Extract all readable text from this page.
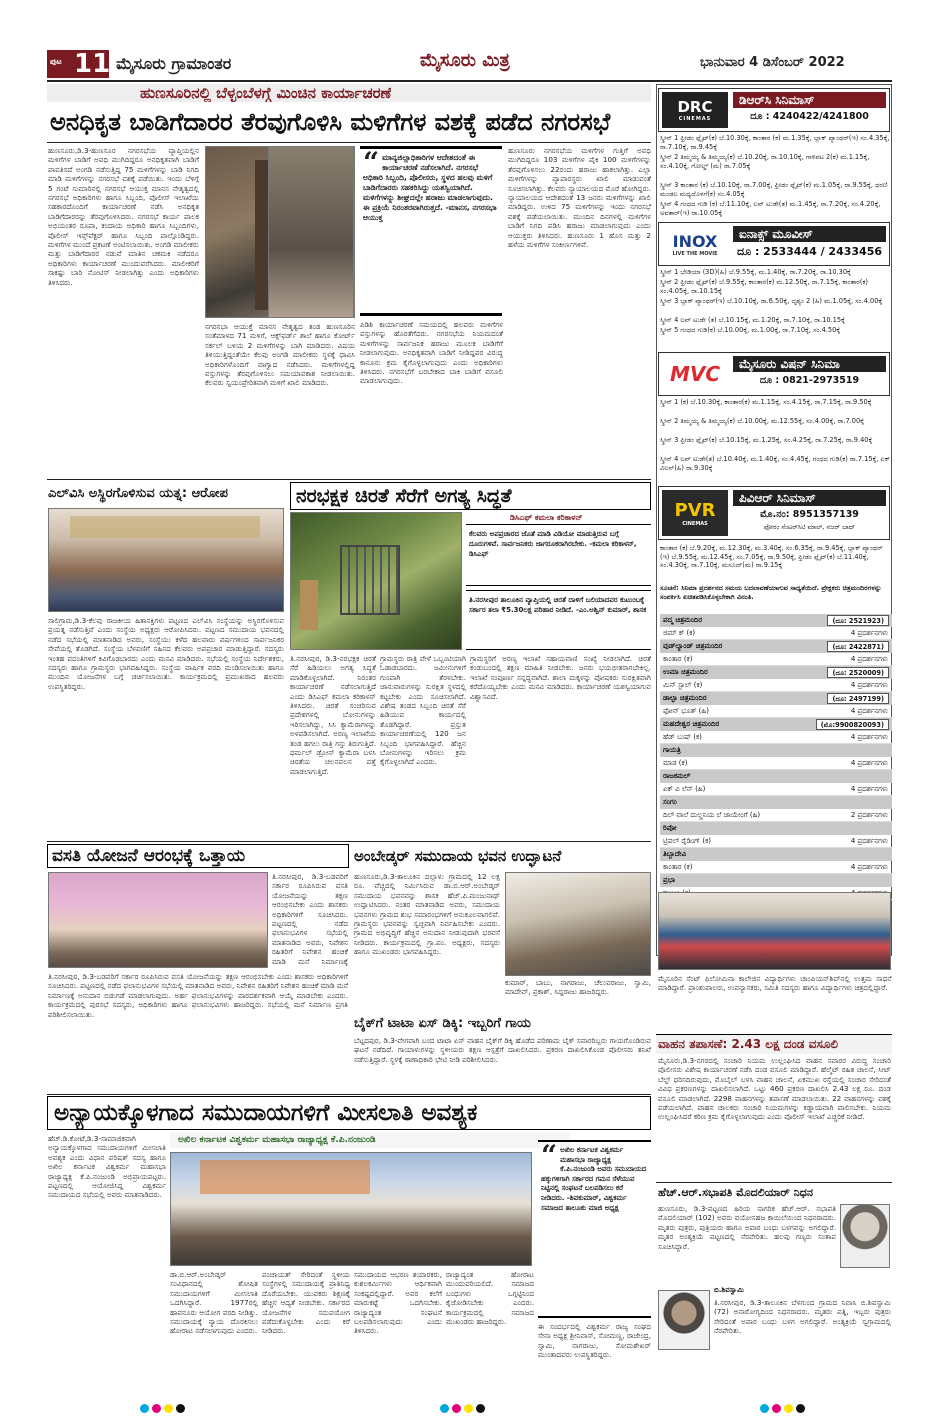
ಪುಟ 11 ಮೈಸೂರು ಗ್ರಾಮಾಂತರ	ಮೈಸೂರು ಮಿತ್ರ	ಭಾನುವಾರ 4 ಡಿಸೆಂಬರ್ 2022
ಹುಣಸೂರಿನಲ್ಲಿ ಬೆಳ್ಳಂಬೆಳಗ್ಗೆ ಮಿಂಚಿನ ಕಾರ್ಯಾಚರಣೆ
ಅನಧಿಕೃತ ಬಾಡಿಗೆದಾರರ ತೆರವುಗೊಳಿಸಿ ಮಳಿಗೆಗಳ ವಶಕ್ಕೆ ಪಡೆದ ನಗರಸಭೆ
ಹುಣಸೂರು,ಡಿ.3-ಹುಣಸೂರ ನಗರಸಭೆಯ ವ್ಯಾಪ್ತಿಯಲ್ಲಿನ ಮಳಿಗೆಗಳ ಬಾಡಿಗೆ ಅವಧಿ ಮುಗಿದಿದ್ದರೂ ಅನಧಿಕೃತವಾಗಿ ಬಾಡಿಗೆ ಪಾವತಿಸದೆ ಅಂಗಡಿ ನಡೆಸುತ್ತಿದ್ದ 75 ಮಳಿಗೆಗಳನ್ನು ಬಾಡಿ ನಿಗದಿ ಮಾಡಿ ಮಳಿಗೆಗಳನ್ನು ನಗರಸಭೆ ವಶಕ್ಕೆ ಪಡೆಯಿತು. ಇಂದು ಬೆಳಿಗ್ಗೆ 5 ಗಂಟೆ ಸುಮಾರಿನಲ್ಲಿ ನಗರಸಭೆ ಆಯುಕ್ತ ಮಾನಸ ನೇತೃತ್ವದಲ್ಲಿ ನಗರಸಭೆ ಅಧಿಕಾರಿಗಳು ಹಾಗೂ ಸಿಬ್ಬಂದಿ, ಪೊಲೀಸ್ ಇಲಾಖೆಯ ಸಹಕಾರದೊಂದಿಗೆ ಕಾರ್ಯಾಚರಣೆ ನಡೆಸಿ ಅನಧಿಕೃತ ಬಾಡಿಗೆದಾರರನ್ನು ತೆರವುಗೊಳಿಸಿದರು. ನಗರಸಭೆ ಕಾರ್ಯ ಪಾಲಕ ಅಭಿಯಂತರ ರೂಪಾ, ಕಂದಾಯ ಅಧಿಕಾರಿ ಹಾಗೂ ಸಿಬ್ಬಂದಿಗಳು, ಪೊಲೀಸ್ ಇನ್ಸ್‌ಪೆಕ್ಟರ್ ಹಾಗೂ ಸಿಬ್ಬಂದಿ ಪಾಲ್ಗೊಂಡಿದ್ದರು. ಮಳಿಗೆಗಳ ಮುಂದೆ ಪ್ರಕಟಣೆ ಅಂಟಿಸಲಾಯಿತು. ಅಂಗಡಿ ಮಾಲೀಕರು ಮತ್ತು ಬಾಡಿಗೆದಾರರ ನಡುವೆ ಮಾತಿನ ಚಕಮಕಿ ನಡೆದರೂ ಅಧಿಕಾರಿಗಳು ಕಾರ್ಯಾಚರಣೆ ಮುಂದುವರೆಸಿದರು. ಮಾಲೀಕರಿಗೆ ಸಾಕಷ್ಟು ಬಾರಿ ನೋಟಿಸ್ ನೀಡಲಾಗಿತ್ತು ಎಂದು ಅಧಿಕಾರಿಗಳು ತಿಳಿಸಿದರು.
ನಗರಸಭಾ ಆಯುಕ್ತೆ ಮಾನಸ ನೇತೃತ್ವದ ತಂಡ ಹುಣಸೂರಿನ ಸಂತೆಮಾಳದ 71 ಮಳಿಗೆ, ಆಕ್ಸ್‌ಫರ್ಡ್ ಶಾಲೆ ಹಾಗೂ ಕೋರ್ಟ್ ಸರ್ಕಲ್ ಬಳಿಯ 2 ಮಳಿಗೆಗಳನ್ನು ಬಾಗಿ ಮಾಡಿದರು. ವಿಷಯ ತಿಳಿಯುತ್ತಿದ್ದಂತೆಯೇ ಕೆಲವು ಅಂಗಡಿ ಮಾಲೀಕರು ಸ್ಥಳಕ್ಕೆ ಧಾವಿಸಿ ಅಧಿಕಾರಿಗಳೊಂದಿಗೆ ವಾಗ್ವಾದ ನಡೆಸಿದರು. ಮಳಿಗೆಗಳಲ್ಲಿದ್ದ ವಸ್ತುಗಳನ್ನು ತೆರವುಗೊಳಿಸಲು ಸಮಯಾವಕಾಶ ನೀಡಲಾಯಿತು. ಕೆಲವರು ಸ್ವಯಂಪ್ರೇರಿತವಾಗಿ ಮಳಿಗೆ ಖಾಲಿ ಮಾಡಿದರು.
“ ಮಾನ್ಯಜಿಲ್ಲಾಧಿಕಾರಿಗಳ ಆದೇಶದಂತೆ ಈ ಕಾರ್ಯಾಚರಣೆ ನಡೆಸಲಾಗಿದೆ. ನಗರಸಭೆ ಅಧಿಕಾರಿ ಸಿಬ್ಬಂದಿ, ಪೊಲೀಸರು, ಸ್ಥಳದ ಹಲವು ಮಳಿಗೆ ಬಾಡಿಗೆದಾರರು ಸಹಕರಿಸಿದ್ದು ಯಶಸ್ವಿಯಾಗಿದೆ. ಮಳಿಗೆಗಳನ್ನು ಶೀಘ್ರದಲ್ಲೇ ಹರಾಜು ಮಾಡಲಾಗುವುದು. ಈ ಪ್ರಕ್ರಿಯೆ ನಿರಂತರವಾಗಿರುತ್ತದೆ. -ಮಾನಸ, ನಗರಸಭಾ ಆಯುಕ್ತ
ಪಿಡಿಶಿ ಕಾರ್ಯಾಚರಣೆ ಸಮಯದಲ್ಲಿ ಹಲವರು ಮಳಿಗೆಗಳ ವಸ್ತುಗಳನ್ನು ಹೊರತೆಗೆದರು. ನಗರಸಭೆಯ ನಿಯಮದಂತೆ ಮಳಿಗೆಗಳನ್ನು ಸಾರ್ವಜನಿಕ ಹರಾಜು ಮೂಲಕ ಬಾಡಿಗೆಗೆ ನೀಡಲಾಗುವುದು. ಅನಧಿಕೃತವಾಗಿ ಬಾಡಿಗೆ ನೀಡಿದ್ದವರ ವಿರುದ್ಧ ಕಾನೂನು ಕ್ರಮ ಕೈಗೊಳ್ಳಲಾಗುವುದು ಎಂದು ಅಧಿಕಾರಿಗಳು ತಿಳಿಸಿದರು. ನಗರಸಭೆಗೆ ಬರಬೇಕಾದ ಬಾಕಿ ಬಾಡಿಗೆ ವಸೂಲಿ ಮಾಡಲಾಗುವುದು.
ಹುಣಸೂರು ನಗರಸಭೆಯ ಮಳಿಗೆಗಳ ಗುತ್ತಿಗೆ ಅವಧಿ ಮುಗಿದಿದ್ದರೂ 103 ಮಳಿಗೆಗಳ ಪೈಕಿ 100 ಮಳಿಗೆಗಳನ್ನು ತೆರವುಗೊಳಿಸಲು 22ರಂದು ಹರಾಜು ಹಾಕಲಾಗಿತ್ತು. ಎಲ್ಲಾ ಮಳಿಗೆಗಳನ್ನು ವ್ಯಾಪಾರಸ್ಥರು ಖಾಲಿ ಮಾಡುವಂತೆ ಸೂಚಿಸಲಾಗಿತ್ತು. ಕೆಲವರು ನ್ಯಾಯಾಲಯದ ಮೊರೆ ಹೋಗಿದ್ದರು. ನ್ಯಾಯಾಲಯದ ಆದೇಶದಂತೆ 13 ಜನರು ಮಳಿಗೆಗಳನ್ನು ಖಾಲಿ ಮಾಡಿದ್ದರು. ಉಳಿದ 75 ಮಳಿಗೆಗಳನ್ನು ಇಂದು ನಗರಸಭೆ ವಶಕ್ಕೆ ಪಡೆಯಲಾಯಿತು. ಮುಂದಿನ ದಿನಗಳಲ್ಲಿ ಮಳಿಗೆಗಳ ಬಾಡಿಗೆ ನಿಗದಿ ಪಡಿಸಿ ಹರಾಜು ಮಾಡಲಾಗುವುದು ಎಂದು ಆಯುಕ್ತರು ತಿಳಿಸಿದರು. ಹುಣಸೂರು 1 ಹೊಸ ಮತ್ತು 2 ಹಳೆಯ ಮಳಿಗೆಗಳ ಸಂಕೀರ್ಣಗಳಿವೆ.
ಎಲ್‌ವಿಸಿ ಅಸ್ಥಿರಗೊಳಿಸುವ ಯತ್ನ: ಆರೋಪ
ಸಾಲಿಗ್ರಾಮ,ಡಿ.3-ಕೆಲವು ರಾಜಕೀಯ ಹಿತಾಸಕ್ತಿಗಳು ಪಟ್ಟಣದ ಎಲ್‌ವಿಸಿ ಸಂಸ್ಥೆಯನ್ನು ಅಸ್ಥಿರಗೊಳಿಸುವ ಪ್ರಯತ್ನ ನಡೆಸುತ್ತಿವೆ ಎಂದು ಸಂಸ್ಥೆಯ ಅಧ್ಯಕ್ಷರು ಆರೋಪಿಸಿದರು. ಪಟ್ಟಣದ ಸಮುದಾಯ ಭವನದಲ್ಲಿ ನಡೆದ ಸಭೆಯಲ್ಲಿ ಮಾತನಾಡಿದ ಅವರು, ಸಂಸ್ಥೆಯು ಕಳೆದ ಹಲವಾರು ವರ್ಷಗಳಿಂದ ಸಾರ್ವಜನಿಕರ ಸೇವೆಯಲ್ಲಿ ತೊಡಗಿದೆ. ಸಂಸ್ಥೆಯ ಬೆಳವಣಿಗೆ ಸಹಿಸದ ಕೆಲವರು ಅಪಪ್ರಚಾರ ಮಾಡುತ್ತಿದ್ದಾರೆ. ಸದಸ್ಯರು ಇಂತಹ ವದಂತಿಗಳಿಗೆ ಕಿವಿಗೊಡಬಾರದು ಎಂದು ಮನವಿ ಮಾಡಿದರು. ಸಭೆಯಲ್ಲಿ ಸಂಸ್ಥೆಯ ನಿರ್ದೇಶಕರು, ಸದಸ್ಯರು ಹಾಗೂ ಗ್ರಾಮಸ್ಥರು ಭಾಗವಹಿಸಿದ್ದರು. ಸಂಸ್ಥೆಯ ವಾರ್ಷಿಕ ವರದಿ ಮಂಡಿಸಲಾಯಿತು ಹಾಗೂ ಮುಂದಿನ ಯೋಜನೆಗಳ ಬಗ್ಗೆ ಚರ್ಚಿಸಲಾಯಿತು. ಕಾರ್ಯಕ್ರಮದಲ್ಲಿ ಪ್ರಮುಖರಾದ ಹಲವರು ಉಪಸ್ಥಿತರಿದ್ದರು.
ನರಭಕ್ಷಕ ಚಿರತೆ ಸೆರೆಗೆ ಅಗತ್ಯ ಸಿದ್ಧತೆ
ಡಿಸಿಎಫ್ ಕಮಲಾ ಕರಿಕಾಳನ್
ಕೆಲವರು ಅಪಪ್ರಚಾರದ ಜೊತೆ ಮಾಡಿ ವಿಡಿಯೋ ಮಾಡುತ್ತಿರುವ ಬಗ್ಗೆ ದೂರುಗಳಿವೆ. ಸಾರ್ವಜನಿಕರು ಜಾಗರೂಕರಾಗಿರಬೇಕು. -ಕಮಲಾ ಕರಿಕಾಳನ್, ಡಿಸಿಎಫ್
ತಿ.ನರಸೀಪುರ ತಾಲೂಕಿನ ವ್ಯಾಪ್ತಿಯಲ್ಲಿ ಚಿರತೆ ದಾಳಿಗೆ ಬಲಿಯಾದವರ ಕುಟುಂಬಕ್ಕೆ ಸರ್ಕಾರ ತಲಾ ₹5.30ಲಕ್ಷ ಪರಿಹಾರ ನೀಡಿದೆ. -ಎಂ.ಅಶ್ವಿನ್ ಕುಮಾರ್, ಶಾಸಕ
ತಿ.ನರಸೀಪುರ, ಡಿ.3-ನರಭಕ್ಷಕ ಚಿರತೆ ಸೆರೆ ಹಿಡಿಯಲು ಅಗತ್ಯ ಸಿದ್ಧತೆ ಮಾಡಿಕೊಳ್ಳಲಾಗಿದೆ. ನಿರಂತರ ಕಾರ್ಯಾಚರಣೆ ನಡೆಸಲಾಗುತ್ತಿದೆ ಎಂದು ಡಿಸಿಎಫ್ ಕಮಲಾ ಕರಿಕಾಳನ್ ತಿಳಿಸಿದರು. ಚಿರತೆ ಸಂಚರಿಸುವ ಪ್ರದೇಶಗಳಲ್ಲಿ ಬೋನುಗಳನ್ನು ಇರಿಸಲಾಗಿದ್ದು, ಸಿಸಿ ಕ್ಯಾಮೆರಾಗಳನ್ನು ಅಳವಡಿಸಲಾಗಿದೆ. ಅರಣ್ಯ ಇಲಾಖೆಯ ತಂಡ ಹಗಲು ರಾತ್ರಿ ಗಸ್ತು ತಿರುಗುತ್ತಿದೆ. ಥರ್ಮಲ್ ಡ್ರೋನ್ ಕ್ಯಾಮೆರಾ ಬಳಸಿ ಚಿರತೆಯ ಚಲನವಲನ ಪತ್ತೆ ಮಾಡಲಾಗುತ್ತಿದೆ.
ಗ್ರಾಮಸ್ಥರು ರಾತ್ರಿ ವೇಳೆ ಒಬ್ಬಂಟಿಯಾಗಿ ಓಡಾಡಬಾರದು. ಜಮೀನುಗಳಿಗೆ ಗುಂಪಾಗಿ ತೆರಳಬೇಕು. ಜಾನುವಾರುಗಳನ್ನು ಸುರಕ್ಷಿತ ಸ್ಥಳದಲ್ಲಿ ಕಟ್ಟಬೇಕು ಎಂದು ಸೂಚಿಸಲಾಗಿದೆ. ವಿಶೇಷ ತಂಡದ ಸಿಬ್ಬಂದಿ ಚಿರತೆ ಸೆರೆ ಹಿಡಿಯುವ ಕಾರ್ಯದಲ್ಲಿ ತೊಡಗಿದ್ದಾರೆ. ಪ್ರಸ್ತುತ ಕಾರ್ಯಾಚರಣೆಯಲ್ಲಿ 120 ಜನ ಸಿಬ್ಬಂದಿ ಭಾಗವಹಿಸಿದ್ದಾರೆ. ಹೆಚ್ಚಿನ ಬೋನುಗಳನ್ನು ಇರಿಸಲು ಕ್ರಮ ಕೈಗೊಳ್ಳಲಾಗಿದೆ ಎಂದರು.
ಗ್ರಾಮಸ್ಥರಿಗೆ ಅರಣ್ಯ ಇಲಾಖೆ ಸಹಾಯವಾಣಿ ಸಂಖ್ಯೆ ನೀಡಲಾಗಿದೆ. ಚಿರತೆ ಕಂಡುಬಂದಲ್ಲಿ ತಕ್ಷಣ ಮಾಹಿತಿ ನೀಡಬೇಕು. ಜನರು ಭಯಭೀತರಾಗಬೇಕಿಲ್ಲ. ಇಲಾಖೆ ಸಂಪೂರ್ಣ ಸನ್ನದ್ಧವಾಗಿದೆ. ಶಾಲಾ ಮಕ್ಕಳನ್ನು ಪೋಷಕರು ಸುರಕ್ಷಿತವಾಗಿ ಕರೆದೊಯ್ಯಬೇಕು ಎಂದು ಮನವಿ ಮಾಡಿದರು. ಕಾರ್ಯಾಚರಣೆ ಯಶಸ್ವಿಯಾಗುವ ವಿಶ್ವಾಸವಿದೆ.
ವಸತಿ ಯೋಜನೆ ಆರಂಭಕ್ಕೆ ಒತ್ತಾಯ
ತಿ.ನರಸೀಪುರ, ಡಿ.3-ಬಡವರಿಗೆ ಸರ್ಕಾರ ರೂಪಿಸಿರುವ ವಸತಿ ಯೋಜನೆಯನ್ನು ತಕ್ಷಣ ಆರಂಭಿಸಬೇಕು ಎಂದು ಶಾಸಕರು ಅಧಿಕಾರಿಗಳಿಗೆ ಸೂಚಿಸಿದರು. ಪಟ್ಟಣದಲ್ಲಿ ನಡೆದ ಫಲಾನುಭವಿಗಳ ಸಭೆಯಲ್ಲಿ ಮಾತನಾಡಿದ ಅವರು, ನಿವೇಶನ ರಹಿತರಿಗೆ ನಿವೇಶನ ಹಂಚಿಕೆ ಮಾಡಿ ಮನೆ ನಿರ್ಮಾಣಕ್ಕೆ ಅನುದಾನ ಬಿಡುಗಡೆ ಮಾಡಲಾಗುವುದು. ಅರ್ಹ ಫಲಾನುಭವಿಗಳನ್ನು ಪಾರದರ್ಶಕವಾಗಿ ಆಯ್ಕೆ ಮಾಡಬೇಕು ಎಂದರು. ಕಾರ್ಯಕ್ರಮದಲ್ಲಿ ಪುರಸಭೆ ಸದಸ್ಯರು, ಅಧಿಕಾರಿಗಳು ಹಾಗೂ ಫಲಾನುಭವಿಗಳು ಹಾಜರಿದ್ದರು. ಸಭೆಯಲ್ಲಿ ಮನೆ ನಿರ್ಮಾಣ ಪ್ರಗತಿ ಪರಿಶೀಲಿಸಲಾಯಿತು.
ತಿ.ನರಸೀಪುರ, ಡಿ.3-ಬಡವರಿಗೆ ಸರ್ಕಾರ ರೂಪಿಸಿರುವ ವಸತಿ ಯೋಜನೆಯನ್ನು ತಕ್ಷಣ ಆರಂಭಿಸಬೇಕು ಎಂದು ಶಾಸಕರು ಅಧಿಕಾರಿಗಳಿಗೆ ಸೂಚಿಸಿದರು. ಪಟ್ಟಣದಲ್ಲಿ ನಡೆದ ಫಲಾನುಭವಿಗಳ ಸಭೆಯಲ್ಲಿ ಮಾತನಾಡಿದ ಅವರು, ನಿವೇಶನ ರಹಿತರಿಗೆ ನಿವೇಶನ ಹಂಚಿಕೆ ಮಾಡಿ ಮನೆ ನಿರ್ಮಾಣಕ್ಕೆ
ಅಂಬೇಡ್ಕರ್ ಸಮುದಾಯ ಭವನ ಉದ್ಘಾಟನೆ
ಹುಣಸೂರು,ಡಿ.3-ತಾಲೂಕಿನ ದಲ್ಲಾಳು ಗ್ರಾಮದಲ್ಲಿ 12 ಲಕ್ಷ ರೂ. ವೆಚ್ಚದಲ್ಲಿ ನಿರ್ಮಿಸಿರುವ ಡಾ.ಬಿ.ಆರ್.ಅಂಬೇಡ್ಕರ್ ಸಮುದಾಯ ಭವನವನ್ನು ಶಾಸಕ ಹೆಚ್.ಪಿ.ಮಂಜುನಾಥ್ ಉದ್ಘಾಟಿಸಿದರು. ನಂತರ ಮಾತನಾಡಿದ ಅವರು, ಸಮುದಾಯ ಭವನಗಳು ಗ್ರಾಮದ ಶುಭ ಸಮಾರಂಭಗಳಿಗೆ ಅನುಕೂಲವಾಗಲಿವೆ. ಗ್ರಾಮಸ್ಥರು ಭವನವನ್ನು ಸ್ವಚ್ಛವಾಗಿ ನಿರ್ವಹಿಸಬೇಕು ಎಂದರು. ಗ್ರಾಮದ ಅಭಿವೃದ್ಧಿಗೆ ಹೆಚ್ಚಿನ ಅನುದಾನ ನೀಡುವುದಾಗಿ ಭರವಸೆ ನೀಡಿದರು. ಕಾರ್ಯಕ್ರಮದಲ್ಲಿ ಗ್ರಾ.ಪಂ. ಅಧ್ಯಕ್ಷರು, ಸದಸ್ಯರು ಹಾಗೂ ಮುಖಂಡರು ಭಾಗವಹಿಸಿದ್ದರು.
ಕುಮಾರ್, ಬಾಬು, ನಾಗರಾಜು, ಚೆಲುವರಾಜು, ಸ್ವಾಮಿ, ಮಾದೇವ್, ಪ್ರಕಾಶ್, ಸಿದ್ದರಾಜು ಹಾಜರಿದ್ದರು.
ಬೈಕ್‌ಗೆ ಟಾಟಾ ಏಸ್ ಡಿಕ್ಕಿ: ಇಬ್ಬರಿಗೆ ಗಾಯ
ಬೆಟ್ಟದಪುರ, ಡಿ.3-ವೇಗವಾಗಿ ಬಂದ ಟಾಟಾ ಏಸ್ ವಾಹನ ಬೈಕ್‌ಗೆ ಡಿಕ್ಕಿ ಹೊಡೆದ ಪರಿಣಾಮ ಬೈಕ್ ಸವಾರರಿಬ್ಬರು ಗಾಯಗೊಂಡಿರುವ ಘಟನೆ ನಡೆದಿದೆ. ಗಾಯಾಳುಗಳನ್ನು ಸ್ಥಳೀಯರು ತಕ್ಷಣ ಆಸ್ಪತ್ರೆಗೆ ದಾಖಲಿಸಿದರು. ಪ್ರಕರಣ ದಾಖಲಿಸಿಕೊಂಡ ಪೊಲೀಸರು ತನಿಖೆ ನಡೆಸುತ್ತಿದ್ದಾರೆ. ಸ್ಥಳಕ್ಕೆ ಠಾಣಾಧಿಕಾರಿ ಭೇಟಿ ನೀಡಿ ಪರಿಶೀಲಿಸಿದರು.
ಅನ್ಯಾಯಕ್ಕೊಳಗಾದ ಸಮುದಾಯಗಳಿಗೆ ಮೀಸಲಾತಿ ಅವಶ್ಯಕ
ಅಖಿಲ ಕರ್ನಾಟಕ ವಿಶ್ವಕರ್ಮ ಮಹಾಸಭಾ ರಾಜ್ಯಾಧ್ಯಕ್ಷ ಕೆ.ಪಿ.ನಂಜುಂಡಿ
ಹೆಚ್.ಡಿ.ಕೋಟೆ,ಡಿ.3-ಸಾಮಾಜಿಕವಾಗಿ ಅನ್ಯಾಯಕ್ಕೊಳಗಾದ ಸಮುದಾಯಗಳಿಗೆ ಮೀಸಲಾತಿ ಅವಶ್ಯಕ ಎಂದು ವಿಧಾನ ಪರಿಷತ್ ಸದಸ್ಯ ಹಾಗೂ ಅಖಿಲ ಕರ್ನಾಟಕ ವಿಶ್ವಕರ್ಮ ಮಹಾಸಭಾ ರಾಜ್ಯಾಧ್ಯಕ್ಷ ಕೆ.ಪಿ.ನಂಜುಂಡಿ ಅಭಿಪ್ರಾಯಪಟ್ಟರು. ಪಟ್ಟಣದಲ್ಲಿ ಆಯೋಜಿಸಿದ್ದ ವಿಶ್ವಕರ್ಮ ಸಮುದಾಯದ ಸಭೆಯಲ್ಲಿ ಅವರು ಮಾತನಾಡಿದರು.
“ ಅಖಿಲ ಕರ್ನಾಟಕ ವಿಶ್ವಕರ್ಮ ಮಹಾಸಭಾ ರಾಜ್ಯಾಧ್ಯಕ್ಷ ಕೆ.ಪಿ.ನಂಜುಂಡಿ ಅವರು ಸಮುದಾಯದ ಹಕ್ಕುಗಳಿಗಾಗಿ ಸರ್ಕಾರದ ಗಮನ ಸೆಳೆಯುವ ನಿಟ್ಟಿನಲ್ಲಿ ಸಂಘಟನೆ ಬಲಪಡಿಸಲು ಕರೆ ನೀಡಿದರು. -ಶಿವಕುಮಾರ್, ವಿಶ್ವಕರ್ಮ ಸಮಾಜದ ತಾಲೂಕು ಮಾಜಿ ಅಧ್ಯಕ್ಷ
ಡಾ.ಬಿ.ಆರ್.ಅಂಬೇಡ್ಕರ್ ಸಂವಿಧಾನದಲ್ಲಿ ಶೋಷಿತ ಸಮುದಾಯಗಳಿಗೆ ಮೀಸಲಾತಿ ಒದಗಿಸಿದ್ದಾರೆ. 1977ರಲ್ಲಿ ಹಾವನೂರು ಆಯೋಗ ವರದಿ ನೀಡಿತ್ತು. ಸಮುದಾಯಕ್ಕೆ ನ್ಯಾಯ ದೊರಕಿಸಲು ಹೋರಾಟ ನಡೆಸಲಾಗುವುದು ಎಂದರು.
ಪಂಚಾಯತ್ ಸೇರಿದಂತೆ ಸ್ಥಳೀಯ ಸಂಸ್ಥೆಗಳಲ್ಲಿ ಸಮುದಾಯಕ್ಕೆ ಪ್ರಾತಿನಿಧ್ಯ ದೊರೆಯಬೇಕು. ಯುವಕರು ಶಿಕ್ಷಣಕ್ಕೆ ಹೆಚ್ಚಿನ ಆದ್ಯತೆ ನೀಡಬೇಕು. ಸರ್ಕಾರದ ಯೋಜನೆಗಳ ಸದುಪಯೋಗ ಪಡೆದುಕೊಳ್ಳಬೇಕು ಎಂದು ಕರೆ ನೀಡಿದರು.
ಸಮುದಾಯದ ಆಭರಣ ತಯಾರಕರು, ಕುಶಲಕರ್ಮಿಗಳು ಆರ್ಥಿಕವಾಗಿ ಸಂಕಷ್ಟದಲ್ಲಿದ್ದಾರೆ. ಅವರ ಕಲೆಗೆ ಮಾರುಕಟ್ಟೆ ಒದಗಿಸಬೇಕು. ರಾಜ್ಯಾದ್ಯಂತ ಸಂಘಟನೆ ಬಲಪಡಿಸಲಾಗುವುದು ಎಂದು ತಿಳಿಸಿದರು.
ರಾಜ್ಯಾದ್ಯಂತ ಹೋರಾಟ ಮುಂದುವರಿಯಲಿದೆ. ಸಮಾಜದ ಬಂಧುಗಳು ಒಗ್ಗಟ್ಟಿನಿಂದ ಕೈಜೋಡಿಸಬೇಕು ಎಂದರು. ಕಾರ್ಯಕ್ರಮದಲ್ಲಿ ಸಮಾಜದ ಮುಖಂಡರು ಹಾಜರಿದ್ದರು.
ಈ ಸಂದರ್ಭದಲ್ಲಿ ವಿಶ್ವಕರ್ಮ ರಾಜ್ಯ ಸಂಘದ ಸೇನಾ ಅಧ್ಯಕ್ಷ ಶ್ರೀನಿವಾಸ್, ಸೋಮಣ್ಣ, ರಾಜೇಂದ್ರ, ಸ್ವಾಮಿ, ನಾಗರಾಜು, ಸೋಮಶೇಖರ್ ಮುಂತಾದವರು ಉಪಸ್ಥಿತರಿದ್ದರು.
DRC
CINEMAS
ಡಿಆರ್‌ಸಿ ಸಿನಿಮಾಸ್
ದೂ : 4240422/4241800
ಸ್ಕ್ರೀನ್ 1 ಫ್ರೀಡಂ ಫ್ಲೈಟ್(ಕ) ಬೆ.10.30ಕ್ಕೆ, ಕಾಂತಾರ (ಕ) ಮ.1.35ಕ್ಕೆ, ಬ್ಲಾಕ್ ಪ್ಯಾಂಥರ್(ಇ) ಸಂ.4.35ಕ್ಕೆ, ರಾ.7.10ಕ್ಕೆ, ರಾ.9.45ಕ್ಕೆ
ಸ್ಕ್ರೀನ್ 2 ತಿಮ್ಮಯ್ಯ & ತಿಮ್ಮಯ್ಯ(ಕ) ಬೆ.10.20ಕ್ಕೆ, ರಾ.10.10ಕ್ಕೆ, ಗಾಳಿಪಟ 2(ಕ) ಮ.1.15ಕ್ಕೆ, ಸಂ.4.10ಕ್ಕೆ, ಗೋಲ್ಡ್ (ಮ) ರಾ.7.05ಕ್ಕೆ
ಸ್ಕ್ರೀನ್ 3 ಕಾಂತಾರ (ಕ) ಬೆ.10.10ಕ್ಕೆ, ರಾ.7.00ಕ್ಕೆ, ಫ್ರೀಡಂ ಫ್ಲೈಟ್(ಕ) ಮ.1.05ಕ್ಕೆ, ರಾ.9.55ಕ್ಕೆ, ಧರಣಿ ಮಂಡಲ ಮಧ್ಯದೊಳಗೆ(ಕ) ಸಂ.4.05ಕ್ಕೆ
ಸ್ಕ್ರೀನ್ 4 ಗಂಧದ ಗುಡಿ (ಕ) ಬೆ.11.10ಕ್ಕೆ, ಲವ್ ಟುಡೇ(ತ) ಮ.1.45ಕ್ಕೆ, ರಾ.7.20ಕ್ಕೆ, ಸಂ.4.20ಕ್ಕೆ, ಅವತಾರ್(ಇ) ರಾ.10.05ಕ್ಕೆ
INOX
LIVE THE MOVIE
ಐನಾಕ್ಸ್ ಮೂವೀಸ್
ದೂ : 2533444 / 2433456
ಸ್ಕ್ರೀನ್ 1 ಭೇಡಿಯಾ (3D)(ಹಿ) ಬೆ.9.55ಕ್ಕೆ, ಮ.1.40ಕ್ಕೆ, ರಾ.7.20ಕ್ಕೆ, ರಾ.10.30ಕ್ಕೆ
ಸ್ಕ್ರೀನ್ 2 ಫ್ರೀಡಂ ಫ್ಲೈಟ್(ಕ) ಬೆ.9.55ಕ್ಕೆ, ಕಾಂತಾರ(ಕ) ಮ.12.50ಕ್ಕೆ, ರಾ.7.15ಕ್ಕೆ, ಕಾಂತಾರ(ಕ) ಸಂ.4.05ಕ್ಕೆ, ರಾ.10.15ಕ್ಕೆ
ಸ್ಕ್ರೀನ್ 3 ಬ್ಲಾಕ್ ಪ್ಯಾಂಥರ್(ಇ) ಬೆ.10.10ಕ್ಕೆ, ರಾ.6.50ಕ್ಕೆ, ದೃಶ್ಯಂ 2 (ಹಿ) ಮ.1.05ಕ್ಕೆ, ಸಂ.4.00ಕ್ಕೆ
ಸ್ಕ್ರೀನ್ 4 ಲವ್ ಟುಡೇ (ತ) ಬೆ.10.15ಕ್ಕೆ, ಮ.1.20ಕ್ಕೆ, ರಾ.7.10ಕ್ಕೆ, ರಾ.10.15ಕ್ಕೆ
ಸ್ಕ್ರೀನ್ 5 ಗಂಧದ ಗುಡಿ(ಕ) ಬೆ.10.00ಕ್ಕೆ, ಮ.1.00ಕ್ಕೆ, ರಾ.7.10ಕ್ಕೆ, ಸಂ.4.50ಕ್ಕೆ
MVC	ಮೈಸೂರು ವಿಷನ್ ಸಿನಿಮಾ
ದೂ : 0821-2973519
ಸ್ಕ್ರೀನ್ 1 (ಕ) ಬೆ.10.30ಕ್ಕೆ, ಕಾಂತಾರ(ಕ) ಮ.1.15ಕ್ಕೆ, ಸಂ.4.15ಕ್ಕೆ, ರಾ.7.15ಕ್ಕೆ, ರಾ.9.50ಕ್ಕೆ
ಸ್ಕ್ರೀನ್ 2 ತಿಮ್ಮಯ್ಯ & ತಿಮ್ಮಯ್ಯ(ಕ) ಬೆ.10.00ಕ್ಕೆ, ಮ.12.55ಕ್ಕೆ, ಸಂ.4.00ಕ್ಕೆ, ರಾ.7.00ಕ್ಕೆ
ಸ್ಕ್ರೀನ್ 3 ಫ್ರೀಡಂ ಫ್ಲೈಟ್(ಕ) ಬೆ.10.15ಕ್ಕೆ, ಮ.1.25ಕ್ಕೆ, ಸಂ.4.25ಕ್ಕೆ, ರಾ.7.25ಕ್ಕೆ, ರಾ.9.40ಕ್ಕೆ
ಸ್ಕ್ರೀನ್ 4 ಲವ್ ಟುಡೇ(ತ) ಬೆ.10.40ಕ್ಕೆ, ಮ.1.40ಕ್ಕೆ, ಸಂ.4.45ಕ್ಕೆ, ಗಂಧದ ಗುಡಿ(ಕ) ರಾ.7.15ಕ್ಕೆ, ಏಕ್ ವಿಲನ್(ಹಿ) ರಾ.9.30ಕ್ಕೆ
PVR
CINEMAS
ಪಿವಿಆರ್ ಸಿನಿಮಾಸ್
ಮೊ.ನಂ: 8951357139
ಫೋರಂ ಸೆಂಟರ್‌ಸಿಟಿ ಮಾಲ್, ನಜರ್ ಬಾದ್
ಕಾಂತಾರ (ಕ) ಬೆ.9.20ಕ್ಕೆ, ಮ.12.30ಕ್ಕೆ, ಮ.3.40ಕ್ಕೆ, ಸಂ.6.35ಕ್ಕೆ, ರಾ.9.45ಕ್ಕೆ, ಬ್ಲಾಕ್ ಪ್ಯಾಂಥರ್ (ಇ) ಬೆ.9.55ಕ್ಕೆ, ಮ.12.45ಕ್ಕೆ, ಸಂ.7.05ಕ್ಕೆ, ರಾ.9.50ಕ್ಕೆ, ಫ್ರೀಡಂ ಫ್ಲೈಟ್(ಕ) ಬೆ.11.40ಕ್ಕೆ, ಸಂ.4.30ಕ್ಕೆ, ರಾ.7.10ಕ್ಕೆ, ಮಸೂದ್(ಮ) ರಾ.9.15ಕ್ಕೆ
ಸೂಚನೆ: ಸಿನಿಮಾ ಪ್ರದರ್ಶನದ ಸಮಯ ಬದಲಾವಣೆಯಾಗುವ ಸಾಧ್ಯತೆಯಿದೆ. ಪ್ರೇಕ್ಷಕರು ಚಿತ್ರಮಂದಿರಗಳನ್ನು ಸಂಪರ್ಕಿಸಿ ಖಚಿತಪಡಿಸಿಕೊಳ್ಳಬೇಕಾಗಿ ವಿನಂತಿ.
ಪದ್ಮ ಚಿತ್ರಮಂದಿರ	(ದೂ: 2521923)
ಜಿಮ್ ಕ್ (ಕ)	4 ಪ್ರದರ್ಶನಗಳು
ವುಡ್‌ಲ್ಯಾಂಡ್ ಚಿತ್ರಮಂದಿರ	(ದೂ: 2422871)
ಕಾಂತಾರ (ಕ)	4 ಪ್ರದರ್ಶನಗಳು
ಉಮಾ ಚಿತ್ರಮಂದಿರ	(ದೂ: 2520009)
ಮಿನ್ ಸ್ಟಾಲ್ (ಕ)	4 ಪ್ರದರ್ಶನಗಳು
ಡಾಲ್ಫಾ ಚಿತ್ರಮಂದಿರ	(ದೂ: 2497199)
ಫೋನ್ ಭೂತ್ (ಹಿ)	4 ಪ್ರದರ್ಶನಗಳು
ಮಹದೇಶ್ವರ ಚಿತ್ರಮಂದಿರ	(ಮೊ:9900820093)
ಹೆಡ್ ಬುಷ್ (ಕ)	4 ಪ್ರದರ್ಶನಗಳು
ಗಾಯತ್ರಿ
ಮಾಡ (ಕ)	4 ಪ್ರದರ್ಶನಗಳು
ರಾಜಕಮಲ್
ಏಕ್ ವಿ ಲೆನ್ (ಹಿ)	4 ಪ್ರದರ್ಶನಗಳು
ಸಂಗಂ
ದಿಲ್ ವಾಲೆ ದುಲ್ಹನಿಯ ಲೆ ಜಾಯೇಂಗೆ (ಹಿ)	2 ಪ್ರದರ್ಶನಗಳು
ರಿಪೋ
ಟ್ರಿಪಲ್ ರೈಡಿಂಗ್ (ಕ)	4 ಪ್ರದರ್ಶನಗಳು
ತಿಬ್ಬಾದೇವಿ
ಕಾಂತಾರ (ಕ)	4 ಪ್ರದರ್ಶನಗಳು
ಪ್ರಭಾ
ಮೈಸೂರಿನ ಸೆಂಟ್ ಫಿಲೋಮಿನಾ ಕಾಲೇಜಿನ ವಿದ್ಯಾರ್ಥಿಗಳು ಚಾಂಪಿಯನ್‌ಶಿಪ್‌ನಲ್ಲಿ ಉತ್ತಮ ಸಾಧನೆ ಮಾಡಿದ್ದಾರೆ. ಪ್ರಾಂಶುಪಾಲರು, ಉಪನ್ಯಾಸಕರು, ಸಮಿತಿ ಸದಸ್ಯರು ಹಾಗೂ ವಿದ್ಯಾರ್ಥಿಗಳು ಚಿತ್ರದಲ್ಲಿದ್ದಾರೆ.
ವಾಹನ ತಪಾಸಣೆ: 2.43 ಲಕ್ಷ ದಂಡ ವಸೂಲಿ
ಮೈಸೂರು,ಡಿ.3-ನಗರದಲ್ಲಿ ಸಂಚಾರಿ ನಿಯಮ ಉಲ್ಲಂಘಿಸಿದ ವಾಹನ ಸವಾರರ ವಿರುದ್ಧ ಸಂಚಾರಿ ಪೊಲೀಸರು ವಿಶೇಷ ಕಾರ್ಯಾಚರಣೆ ನಡೆಸಿ ದಂಡ ವಸೂಲಿ ಮಾಡಿದ್ದಾರೆ. ಹೆಲ್ಮೆಟ್ ರಹಿತ ಚಾಲನೆ, ಸೀಟ್ ಬೆಲ್ಟ್ ಧರಿಸದಿರುವುದು, ಮೊಬೈಲ್ ಬಳಸಿ ವಾಹನ ಚಾಲನೆ, ಏಕಮುಖ ರಸ್ತೆಯಲ್ಲಿ ಸಂಚಾರ ಸೇರಿದಂತೆ ವಿವಿಧ ಪ್ರಕರಣಗಳನ್ನು ದಾಖಲಿಸಲಾಗಿದೆ. ಒಟ್ಟು 460 ಪ್ರಕರಣ ದಾಖಲಿಸಿ 2.43 ಲಕ್ಷ ರೂ. ದಂಡ ವಸೂಲಿ ಮಾಡಲಾಗಿದೆ. 2298 ವಾಹನಗಳನ್ನು ತಪಾಸಣೆ ಮಾಡಲಾಯಿತು. 22 ವಾಹನಗಳನ್ನು ವಶಕ್ಕೆ ಪಡೆಯಲಾಗಿದೆ. ವಾಹನ ಚಾಲಕರು ಸಂಚಾರಿ ನಿಯಮಗಳನ್ನು ಕಡ್ಡಾಯವಾಗಿ ಪಾಲಿಸಬೇಕು. ನಿಯಮ ಉಲ್ಲಂಘಿಸಿದರೆ ಕಠಿಣ ಕ್ರಮ ಕೈಗೊಳ್ಳಲಾಗುವುದು ಎಂದು ಪೊಲೀಸ್ ಇಲಾಖೆ ಎಚ್ಚರಿಕೆ ನೀಡಿದೆ.
ಹೆಚ್.ಆರ್.ಸಭಾಪತಿ ಮೊದಲಿಯಾರ್ ನಿಧನ
ಹುಣಸೂರು, ಡಿ.3-ಪಟ್ಟಣದ ಹಿರಿಯ ನಾಗರಿಕ ಹೆಚ್.ಆರ್. ಸಭಾಪತಿ ಮೊದಲಿಯಾರ್ (102) ಅವರು ವಯೋಸಹಜ ಕಾಯಿಲೆಯಿಂದ ನಿಧನರಾದರು. ಮೃತರು ಪುತ್ರರು, ಪುತ್ರಿಯರು ಹಾಗೂ ಅಪಾರ ಬಂಧು ಬಳಗವನ್ನು ಅಗಲಿದ್ದಾರೆ. ಮೃತರ ಅಂತ್ಯಕ್ರಿಯೆ ಪಟ್ಟಣದಲ್ಲಿ ನೆರವೇರಿತು. ಹಲವು ಗಣ್ಯರು ಸಂತಾಪ ಸೂಚಿಸಿದ್ದಾರೆ.
ಬಿ.ಶಿವಸ್ವಾಮಿ
ತಿ.ನರಸೀಪುರ, ಡಿ.3-ತಾಲೂಕಿನ ಬೆಳಗುಂದ ಗ್ರಾಮದ ನಿವಾಸಿ ಬಿ.ಶಿವಸ್ವಾಮಿ (72) ಅನಾರೋಗ್ಯದಿಂದ ನಿಧನರಾದರು. ಮೃತರು ಪತ್ನಿ, ಇಬ್ಬರು ಪುತ್ರರು ಸೇರಿದಂತೆ ಅಪಾರ ಬಂಧು ಬಳಗ ಅಗಲಿದ್ದಾರೆ. ಅಂತ್ಯಕ್ರಿಯೆ ಸ್ವಗ್ರಾಮದಲ್ಲಿ ನೆರವೇರಿತು.
